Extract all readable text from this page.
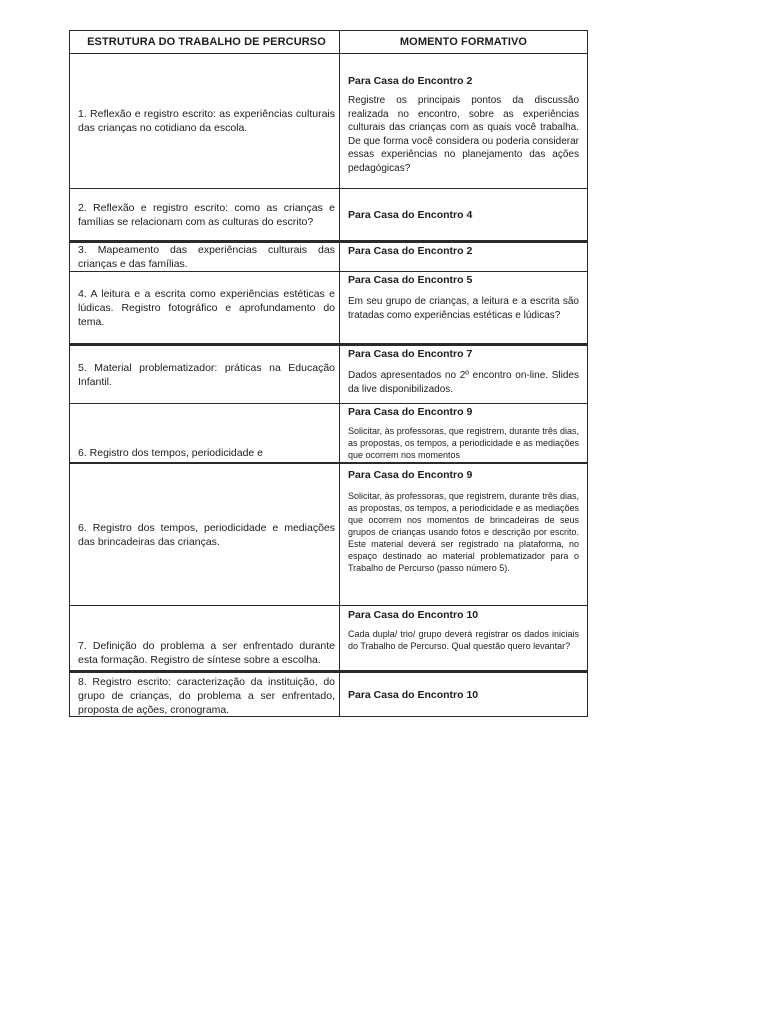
ESTRUTURA DO TRABALHO DE PERCURSO	MOMENTO FORMATIVO
1. Reflexão e registro escrito: as experiências culturais das crianças no cotidiano da escola.
Para Casa do Encontro 2
Registre os principais pontos da discussão realizada no encontro, sobre as experiências culturais das crianças com as quais você trabalha. De que forma você considera ou poderia considerar essas experiências no planejamento das ações pedagógicas?
2. Reflexão e registro escrito: como as crianças e famílias se relacionam com as culturas do escrito?
Para Casa do Encontro 4
3. Mapeamento das experiências culturais das crianças e das famílias.
Para Casa do Encontro 2
4. A leitura e a escrita como experiências estéticas e lúdicas. Registro fotográfico e aprofundamento do tema.
Para Casa do Encontro 5
Em seu grupo de crianças, a leitura e a escrita são tratadas como experiências estéticas e lúdicas?
5. Material problematizador: práticas na Educação Infantil.
Para Casa do Encontro 7
Dados apresentados no 2º encontro on-line. Slides da live disponibilizados.
6. Registro dos tempos, periodicidade e
Para Casa do Encontro 9
Solicitar, às professoras, que registrem, durante três dias, as propostas, os tempos, a periodicidade e as mediações que ocorrem nos momentos
6. Registro dos tempos, periodicidade e mediações das brincadeiras das crianças.
Para Casa do Encontro 9
Solicitar, às professoras, que registrem, durante três dias, as propostas, os tempos, a periodicidade e as mediações que ocorrem nos momentos de brincadeiras de seus grupos de crianças usando fotos e descrição por escrito. Este material deverá ser registrado na plataforma, no espaço destinado ao material problematizador para o Trabalho de Percurso (passo número 5).
7. Definição do problema a ser enfrentado durante esta formação. Registro de síntese sobre a escolha.
Para Casa do Encontro 10
Cada dupla/ trio/ grupo deverá registrar os dados iniciais do Trabalho de Percurso. Qual questão quero levantar?
8. Registro escrito: caracterização da instituição, do grupo de crianças, do problema a ser enfrentado, proposta de ações, cronograma.
Para Casa do Encontro 10
